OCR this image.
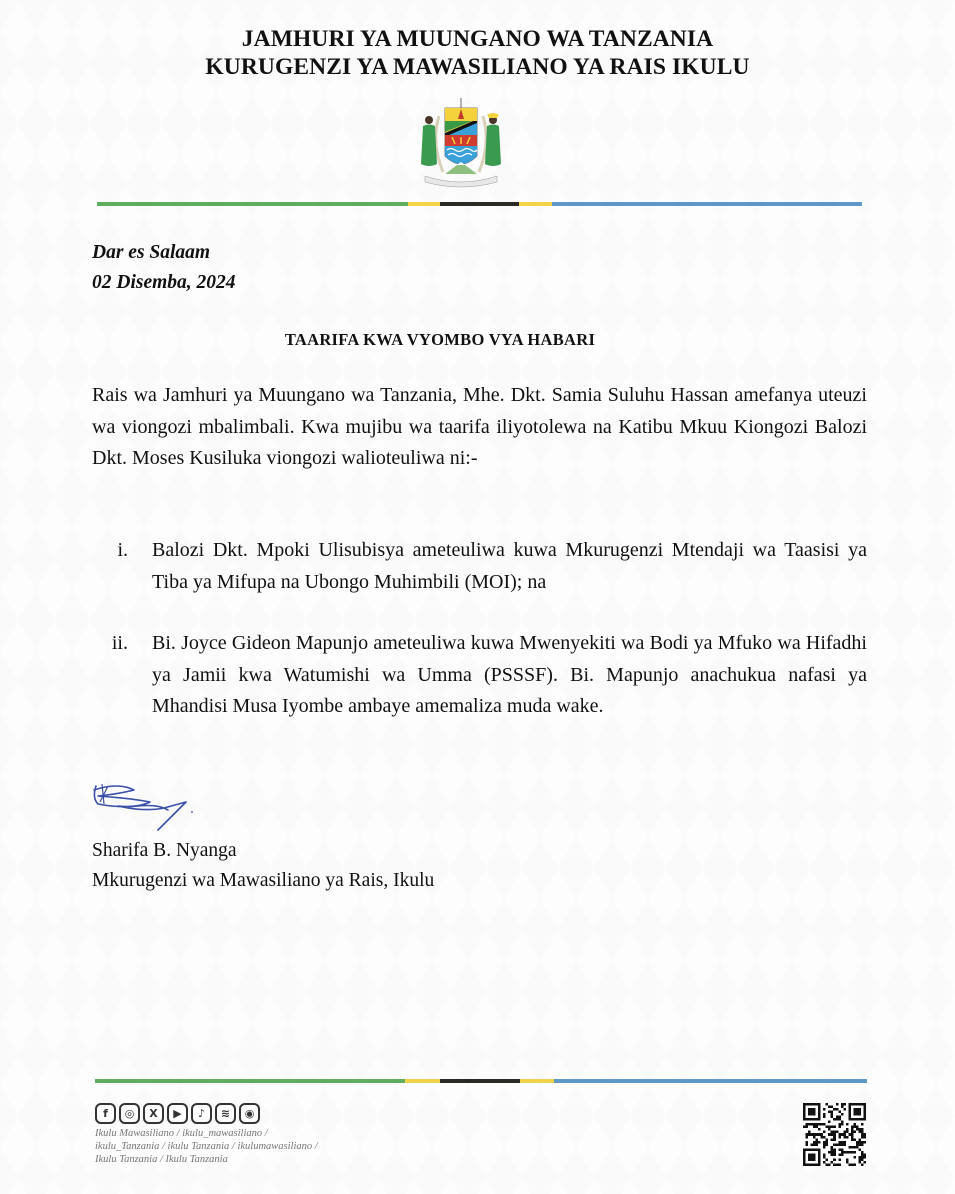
JAMHURI YA MUUNGANO WA TANZANIA
KURUGENZI YA MAWASILIANO YA RAIS IKULU
Dar es Salaam
02 Disemba, 2024
TAARIFA KWA VYOMBO VYA HABARI
Rais wa Jamhuri ya Muungano wa Tanzania, Mhe. Dkt. Samia Suluhu Hassan amefanya uteuzi wa viongozi mbalimbali. Kwa mujibu wa taarifa iliyotolewa na Katibu Mkuu Kiongozi Balozi Dkt. Moses Kusiluka viongozi walioteuliwa ni:-
i. Balozi Dkt. Mpoki Ulisubisya ameteuliwa kuwa Mkurugenzi Mtendaji wa Taasisi ya Tiba ya Mifupa na Ubongo Muhimbili (MOI); na
ii. Bi. Joyce Gideon Mapunjo ameteuliwa kuwa Mwenyekiti wa Bodi ya Mfuko wa Hifadhi ya Jamii kwa Watumishi wa Umma (PSSSF). Bi. Mapunjo anachukua nafasi ya Mhandisi Musa Iyombe ambaye amemaliza muda wake.
Sharifa B. Nyanga
Mkurugenzi wa Mawasiliano ya Rais, Ikulu
f	◎	X	▶	♪	≋	◉
Ikulu Mawasiliano / ikulu_mawasiliano / ikulu_Tanzania / ikulu Tanzania / ikulumawasiliano / Ikulu Tanzania / Ikulu Tanzania
